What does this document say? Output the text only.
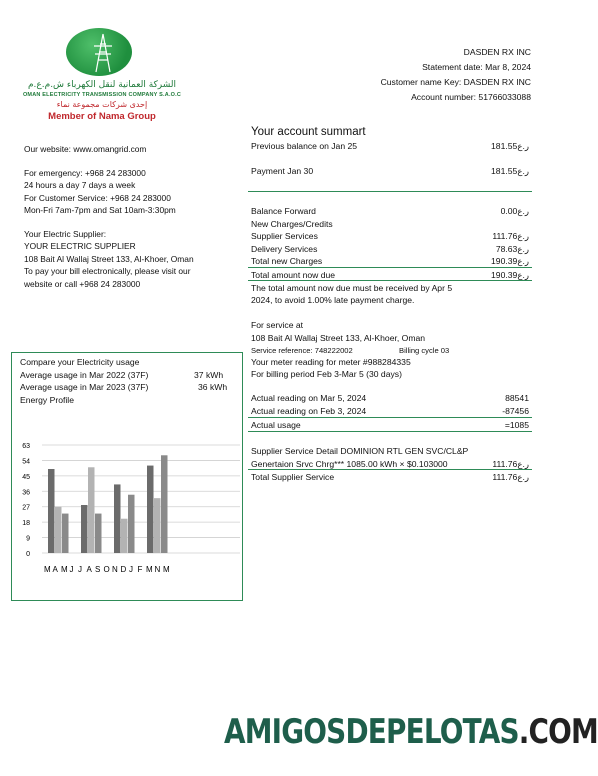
الشركة العمانية لنقل الكهرباء ش.م.ع.م
OMAN ELECTRICITY TRANSMISSION COMPANY S.A.O.C
إحدى شركات مجموعة نماء
Member of Nama Group
DASDEN RX INC
Statement date: Mar 8, 2024
Customer name Key: DASDEN RX INC
Account number: 51766033088
Our website: www.omangrid.com
For emergency: +968 24 283000
24 hours a day 7 days a week
For Customer Service: +968 24 283000
Mon-Fri 7am-7pm and Sat 10am-3:30pm
Your Electric Supplier:
YOUR ELECTRIC SUPPLIER
108 Bait Al Wallaj Street 133, Al-Khoer, Oman
To pay your bill electronically, please visit our
website or call +968 24 283000
Your account summart
Previous balance on Jan 25	ر.ع181.55
Payment Jan 30	ر.ع181.55
Balance Forward	ر.ع0.00
New Charges/Credits
Supplier Services	ر.ع111.76
Delivery Services	ر.ع78.63
Total new Charges	ر.ع190.39
Total amount now due	ر.ع190.39
The total amount now due must be received by Apr 5
2024, to avoid 1.00% late payment charge.
For service at
108 Bait Al Wallaj Street 133, Al-Khoer, Oman
Service reference: 748222002	Billing cycle 03
Your meter reading for meter #988284335
For billing period Feb 3-Mar 5 (30 days)
Actual reading on Mar 5, 2024	88541
Actual reading on Feb 3, 2024	-87456
Actual usage	=1085
Supplier Service Detail DOMINION RTL GEN SVC/CL&P
Genertaion Srvc Chrg*** 1085.00 kWh × $0.103000	ر.ع111.76
Total Supplier Service	ر.ع111.76
Compare your Electricity usage
Average usage in Mar 2022 (37F)	37 kWh
Average usage in Mar 2023 (37F)	36 kWh
Energy Profile
0
9
18
27
36
45
54
63
M A M J J A S O N D J F M N M
AMIGOSDEPELOTAS.COM
